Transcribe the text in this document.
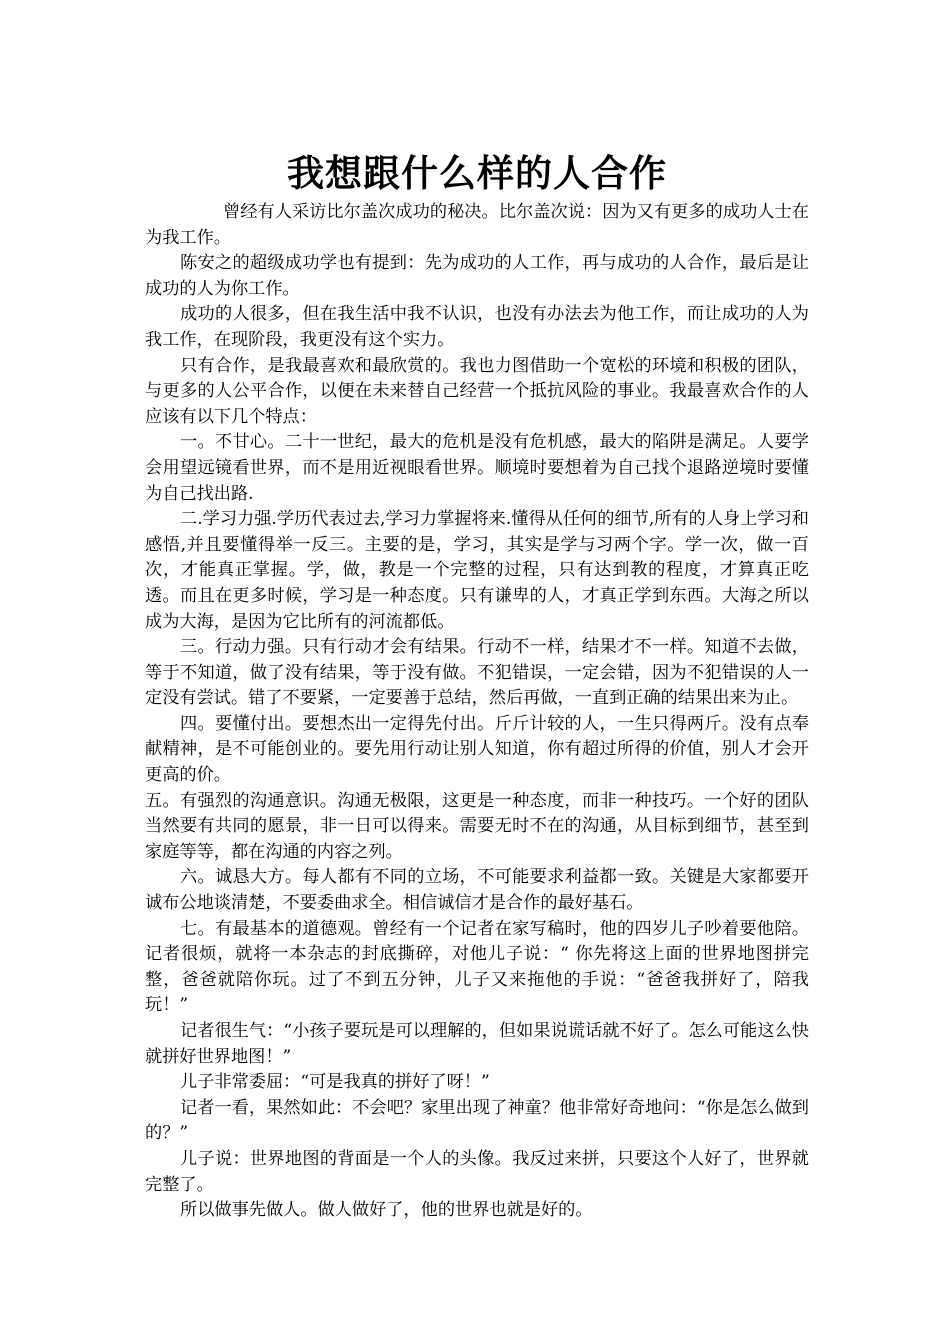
我想跟什么样的人合作

曾经有人采访比尔盖次成功的秘决。比尔盖次说：因为又有更多的成功人士在为我工作。

陈安之的超级成功学也有提到：先为成功的人工作，再与成功的人合作，最后是让成功的人为你工作。

成功的人很多，但在我生活中我不认识，也没有办法去为他工作，而让成功的人为我工作，在现阶段，我更没有这个实力。

只有合作，是我最喜欢和最欣赏的。我也力图借助一个宽松的环境和积极的团队，与更多的人公平合作，以便在未来替自己经营一个抵抗风险的事业。我最喜欢合作的人应该有以下几个特点：

一。不甘心。二十一世纪，最大的危机是没有危机感，最大的陷阱是满足。人要学会用望远镜看世界，而不是用近视眼看世界。顺境时要想着为自己找个退路逆境时要懂为自己找出路.

二.学习力强.学历代表过去,学习力掌握将来.懂得从任何的细节,所有的人身上学习和感悟,并且要懂得举一反三。主要的是，学习，其实是学与习两个字。学一次，做一百次，才能真正掌握。学，做，教是一个完整的过程，只有达到教的程度，才算真正吃透。而且在更多时候，学习是一种态度。只有谦卑的人，才真正学到东西。大海之所以成为大海，是因为它比所有的河流都低。

三。行动力强。只有行动才会有结果。行动不一样，结果才不一样。知道不去做，等于不知道，做了没有结果，等于没有做。不犯错误，一定会错，因为不犯错误的人一定没有尝试。错了不要紧，一定要善于总结，然后再做，一直到正确的结果出来为止。

四。要懂付出。要想杰出一定得先付出。斤斤计较的人，一生只得两斤。没有点奉献精神，是不可能创业的。要先用行动让别人知道，你有超过所得的价值，别人才会开更高的价。

五。有强烈的沟通意识。沟通无极限，这更是一种态度，而非一种技巧。一个好的团队当然要有共同的愿景，非一日可以得来。需要无时不在的沟通，从目标到细节，甚至到家庭等等，都在沟通的内容之列。

六。诚恳大方。每人都有不同的立场，不可能要求利益都一致。关键是大家都要开诚布公地谈清楚，不要委曲求全。相信诚信才是合作的最好基石。

七。有最基本的道德观。曾经有一个记者在家写稿时，他的四岁儿子吵着要他陪。记者很烦，就将一本杂志的封底撕碎，对他儿子说：“ 你先将这上面的世界地图拼完整，爸爸就陪你玩。过了不到五分钟，儿子又来拖他的手说：“爸爸我拼好了，陪我玩！”

记者很生气：“小孩子要玩是可以理解的，但如果说谎话就不好了。怎么可能这么快就拼好世界地图！”

儿子非常委屈：“可是我真的拼好了呀！”

记者一看，果然如此：不会吧？家里出现了神童？他非常好奇地问：“你是怎么做到的？”

儿子说：世界地图的背面是一个人的头像。我反过来拼，只要这个人好了，世界就完整了。

所以做事先做人。做人做好了，他的世界也就是好的。
